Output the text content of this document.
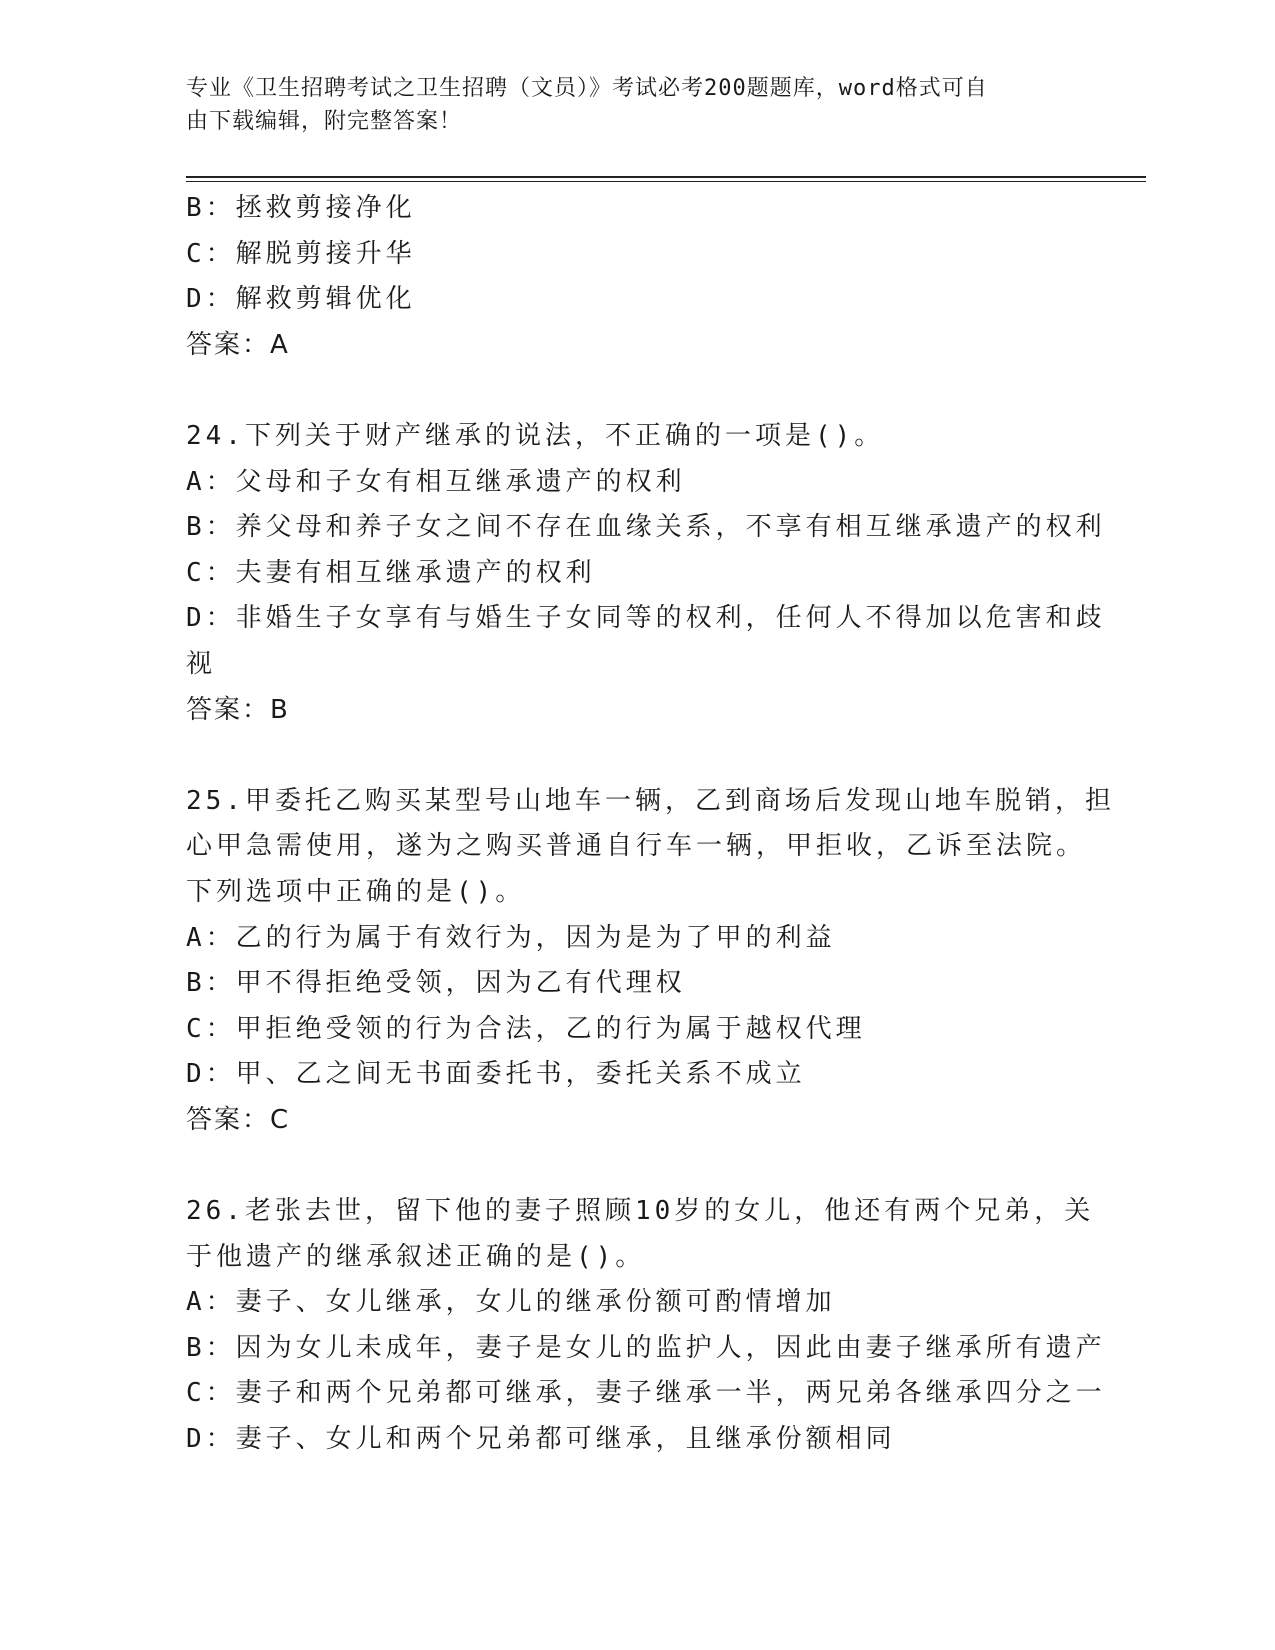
专业《卫生招聘考试之卫生招聘（文员）》考试必考200题题库，word格式可自
由下载编辑，附完整答案！
B：拯救剪接净化
C：解脱剪接升华
D：解救剪辑优化
答案：A
24.下列关于财产继承的说法，不正确的一项是()。
A：父母和子女有相互继承遗产的权利
B：养父母和养子女之间不存在血缘关系，不享有相互继承遗产的权利
C：夫妻有相互继承遗产的权利
D：非婚生子女享有与婚生子女同等的权利，任何人不得加以危害和歧
视
答案：B
25.甲委托乙购买某型号山地车一辆，乙到商场后发现山地车脱销，担
心甲急需使用，遂为之购买普通自行车一辆，甲拒收，乙诉至法院。
下列选项中正确的是()。
A：乙的行为属于有效行为，因为是为了甲的利益
B：甲不得拒绝受领，因为乙有代理权
C：甲拒绝受领的行为合法，乙的行为属于越权代理
D：甲、乙之间无书面委托书，委托关系不成立
答案：C
26.老张去世，留下他的妻子照顾10岁的女儿，他还有两个兄弟，关
于他遗产的继承叙述正确的是()。
A：妻子、女儿继承，女儿的继承份额可酌情增加
B：因为女儿未成年，妻子是女儿的监护人，因此由妻子继承所有遗产
C：妻子和两个兄弟都可继承，妻子继承一半，两兄弟各继承四分之一
D：妻子、女儿和两个兄弟都可继承，且继承份额相同
